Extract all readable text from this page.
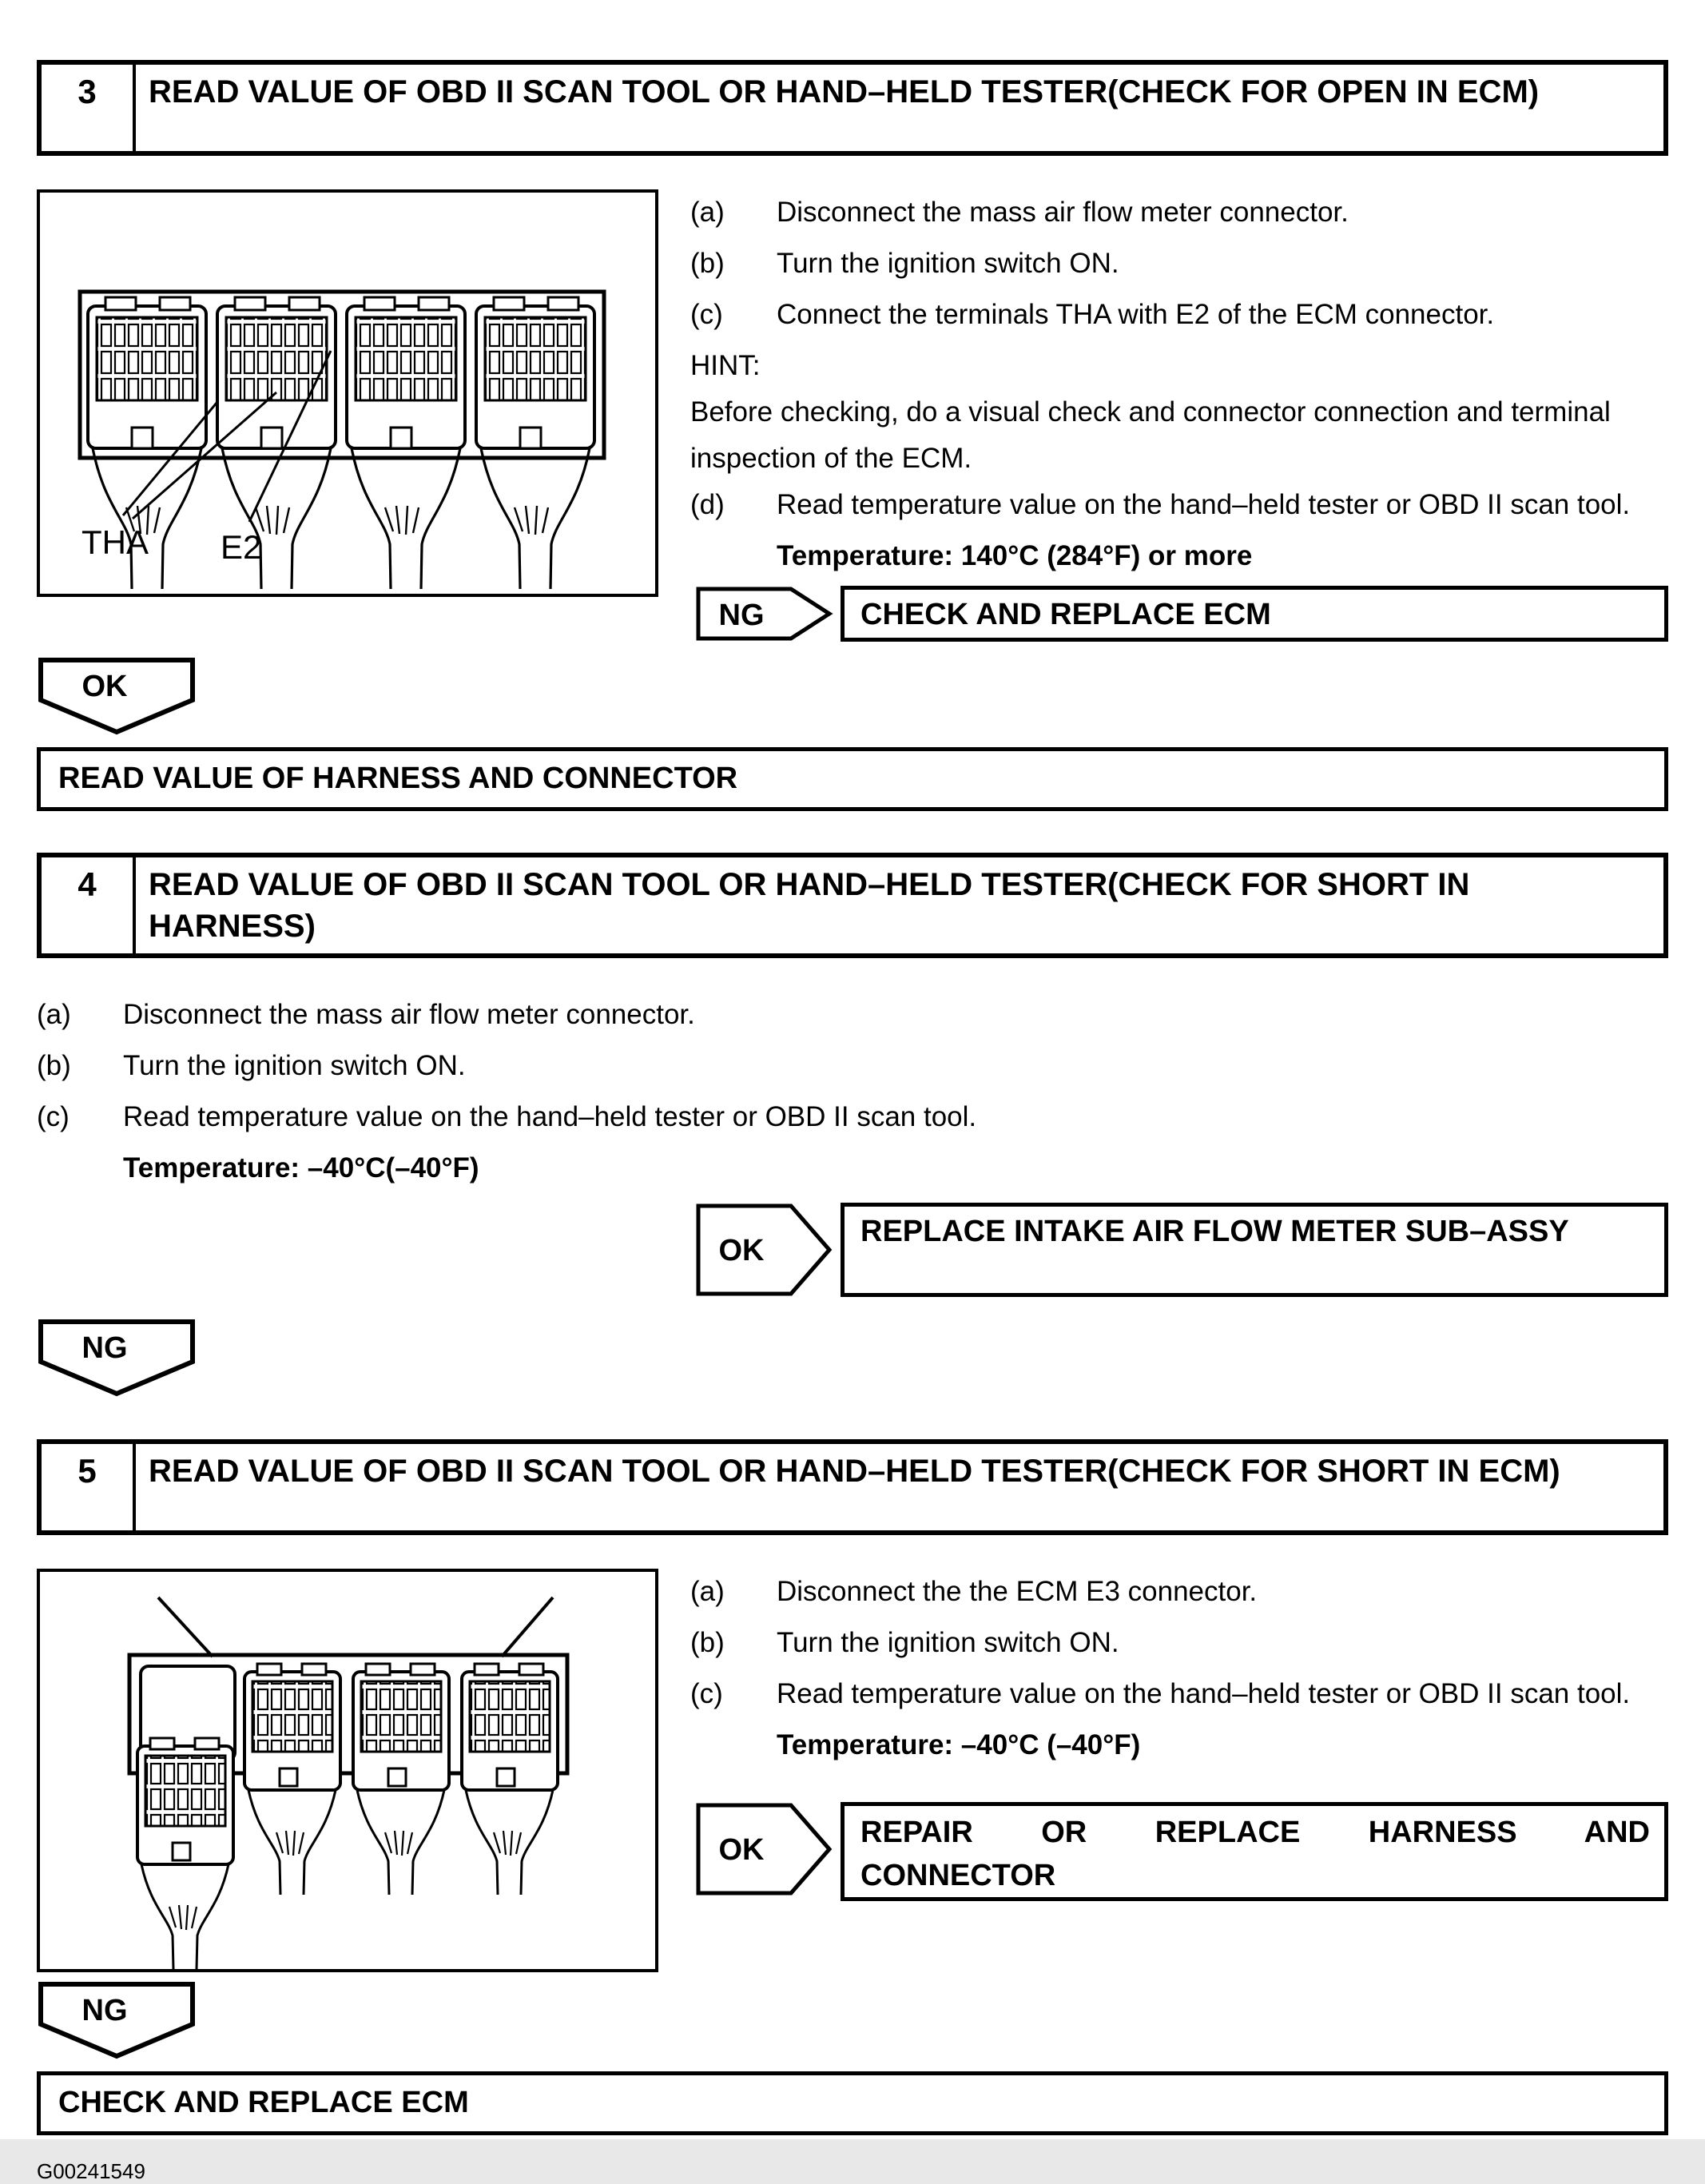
3	READ VALUE OF OBD II SCAN TOOL OR HAND–HELD TESTER(CHECK FOR OPEN IN ECM)
THA E2
(a)	Disconnect the mass air flow meter connector.
(b)	Turn the ignition switch ON.
(c)	Connect the terminals THA with E2 of the ECM connector.
HINT:
Before checking, do a visual check and connector connection and terminal inspection of the ECM.
(d)	Read temperature value on the hand–held tester or OBD II scan tool.
Temperature: 140°C (284°F) or more
NG	CHECK AND REPLACE ECM
OK
READ VALUE OF HARNESS AND CONNECTOR
4	READ VALUE OF OBD II SCAN TOOL OR HAND–HELD TESTER(CHECK FOR SHORT IN HARNESS)
(a)	Disconnect the mass air flow meter connector.
(b)	Turn the ignition switch ON.
(c)	Read temperature value on the hand–held tester or OBD II scan tool.
Temperature: –40°C(–40°F)
OK
REPLACE INTAKE AIR FLOW METER SUB–ASSY
NG
5	READ VALUE OF OBD II SCAN TOOL OR HAND–HELD TESTER(CHECK FOR SHORT IN ECM)
(a)	Disconnect the the ECM E3 connector.
(b)	Turn the ignition switch ON.
(c)	Read temperature value on the hand–held tester or OBD II scan tool.
Temperature: –40°C (–40°F)
OK
REPAIR OR REPLACE HARNESS AND CONNECTOR
NG
CHECK AND REPLACE ECM
G00241549
